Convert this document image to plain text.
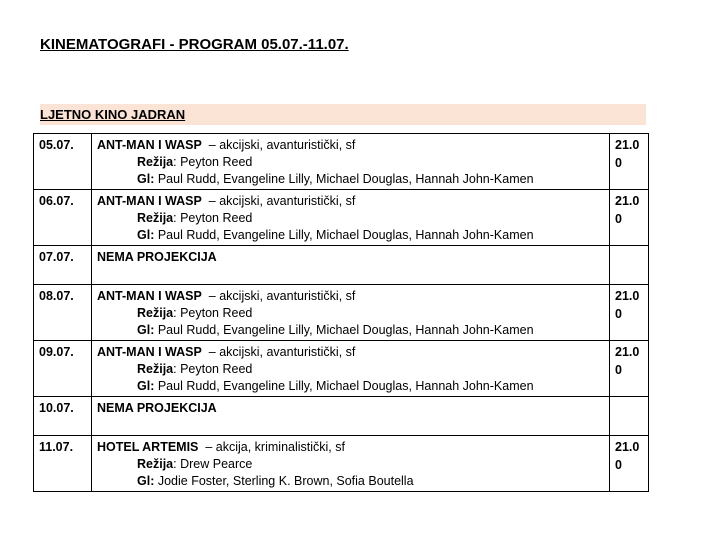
KINEMATOGRAFI - PROGRAM 05.07.-11.07.
LJETNO KINO JADRAN
05.07.	ANT-MAN I WASP  – akcijski, avanturistički, sf
Režija: Peyton Reed
Gl: Paul Rudd, Evangeline Lilly, Michael Douglas, Hannah John-Kamen	21.00
06.07.	ANT-MAN I WASP  – akcijski, avanturistički, sf
Režija: Peyton Reed
Gl: Paul Rudd, Evangeline Lilly, Michael Douglas, Hannah John-Kamen	21.00
07.07.	NEMA PROJEKCIJA	

08.07.	ANT-MAN I WASP  – akcijski, avanturistički, sf
Režija: Peyton Reed
Gl: Paul Rudd, Evangeline Lilly, Michael Douglas, Hannah John-Kamen	21.00
09.07.	ANT-MAN I WASP  – akcijski, avanturistički, sf
Režija: Peyton Reed
Gl: Paul Rudd, Evangeline Lilly, Michael Douglas, Hannah John-Kamen	21.00
10.07.	NEMA PROJEKCIJA	

11.07.	HOTEL ARTEMIS  – akcija, kriminalistički, sf
Režija: Drew Pearce
Gl: Jodie Foster, Sterling K. Brown, Sofia Boutella	21.00
